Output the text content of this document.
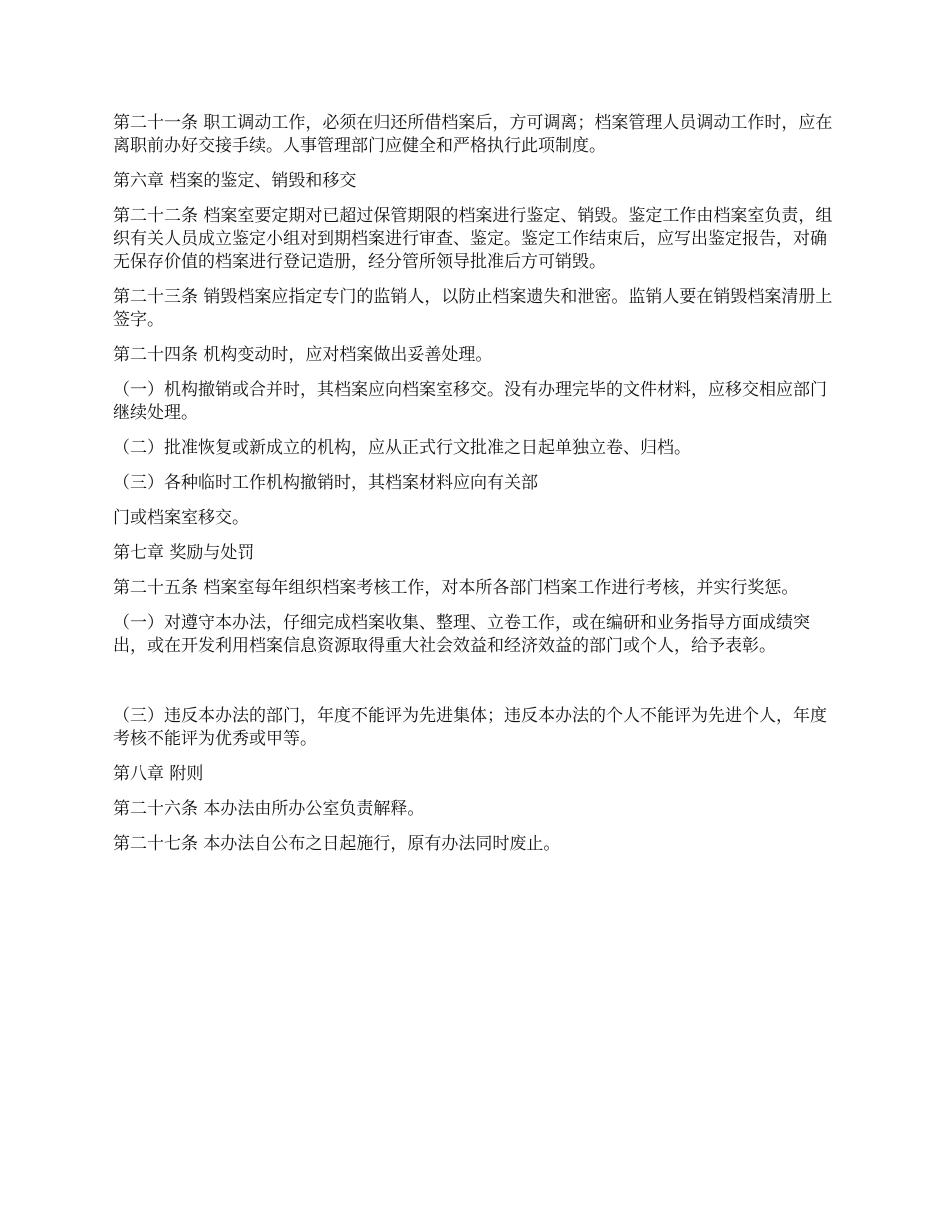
第二十一条 职工调动工作，必须在归还所借档案后，方可调离；档案管理人员调动工作时，应在离职前办好交接手续。人事管理部门应健全和严格执行此项制度。

第六章 档案的鉴定、销毁和移交

第二十二条 档案室要定期对已超过保管期限的档案进行鉴定、销毁。鉴定工作由档案室负责，组织有关人员成立鉴定小组对到期档案进行审查、鉴定。鉴定工作结束后，应写出鉴定报告，对确无保存价值的档案进行登记造册，经分管所领导批准后方可销毁。

第二十三条 销毁档案应指定专门的监销人，以防止档案遗失和泄密。监销人要在销毁档案清册上签字。

第二十四条 机构变动时，应对档案做出妥善处理。

（一）机构撤销或合并时，其档案应向档案室移交。没有办理完毕的文件材料，应移交相应部门继续处理。

（二）批准恢复或新成立的机构，应从正式行文批准之日起单独立卷、归档。

（三）各种临时工作机构撤销时，其档案材料应向有关部

门或档案室移交。

第七章 奖励与处罚

第二十五条 档案室每年组织档案考核工作，对本所各部门档案工作进行考核，并实行奖惩。

（一）对遵守本办法，仔细完成档案收集、整理、立卷工作，或在编研和业务指导方面成绩突出，或在开发利用档案信息资源取得重大社会效益和经济效益的部门或个人，给予表彰。

（三）违反本办法的部门，年度不能评为先进集体；违反本办法的个人不能评为先进个人，年度考核不能评为优秀或甲等。

第八章 附则

第二十六条 本办法由所办公室负责解释。

第二十七条 本办法自公布之日起施行，原有办法同时废止。
